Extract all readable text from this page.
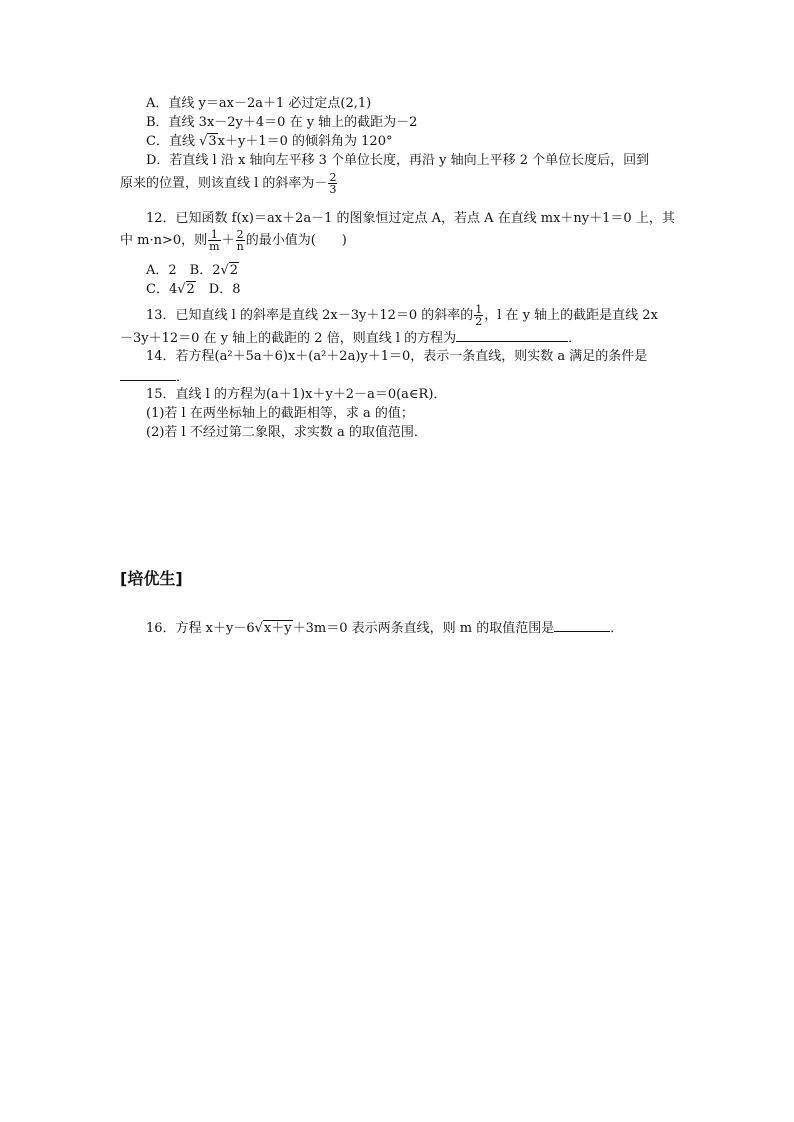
A．直线 y＝ax－2a＋1 必过定点(2,1)
B．直线 3x－2y＋4＝0 在 y 轴上的截距为－2
C．直线 √3x＋y＋1＝0 的倾斜角为 120°
D．若直线 l 沿 x 轴向左平移 3 个单位长度，再沿 y 轴向上平移 2 个单位长度后，回到
原来的位置，则该直线 l 的斜率为－ $\frac{2}{3}$
12．已知函数 f(x)＝ax＋2a－1 的图象恒过定点 A，若点 A 在直线 mx＋ny＋1＝0 上，其
中 m·n>0，则 $\frac{1}{m} + \frac{2}{n}$ 的最小值为(　　)
A．2　B．2√2
C．4√2　D．8
13．已知直线 l 的斜率是直线 2x－3y＋12＝0 的斜率的 $\frac{1}{2}$ ，l 在 y 轴上的截距是直线 2x
－3y＋12＝0 在 y 轴上的截距的 2 倍，则直线 l 的方程为	．
14．若方程(a²＋5a＋6)x＋(a²＋2a)y＋1＝0，表示一条直线，则实数 a 满足的条件是
．
15．直线 l 的方程为(a＋1)x＋y＋2－a＝0(a∈R)．
(1)若 l 在两坐标轴上的截距相等，求 a 的值；
(2)若 l 不经过第二象限，求实数 a 的取值范围．
[培优生]
16．方程 x＋y－6√x＋y＋3m＝0 表示两条直线，则 m 的取值范围是	．
